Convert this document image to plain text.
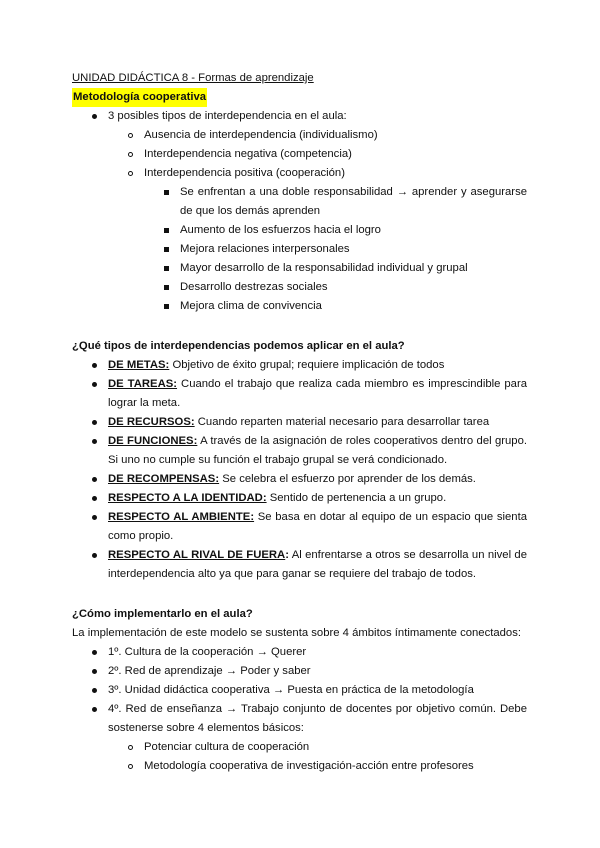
UNIDAD DIDÁCTICA 8 - Formas de aprendizaje
Metodología cooperativa
3 posibles tipos de interdependencia en el aula:
Ausencia de interdependencia (individualismo)
Interdependencia negativa (competencia)
Interdependencia positiva (cooperación)
Se enfrentan a una doble responsabilidad → aprender y asegurarse
de que los demás aprenden
Aumento de los esfuerzos hacia el logro
Mejora relaciones interpersonales
Mayor desarrollo de la responsabilidad individual y grupal
Desarrollo destrezas sociales
Mejora clima de convivencia
¿Qué tipos de interdependencias podemos aplicar en el aula?
DE METAS: Objetivo de éxito grupal; requiere implicación de todos
DE TAREAS: Cuando el trabajo que realiza cada miembro es imprescindible para
lograr la meta.
DE RECURSOS: Cuando reparten material necesario para desarrollar tarea
DE FUNCIONES: A través de la asignación de roles cooperativos dentro del grupo.
Si uno no cumple su función el trabajo grupal se verá condicionado.
DE RECOMPENSAS: Se celebra el esfuerzo por aprender de los demás.
RESPECTO A LA IDENTIDAD: Sentido de pertenencia a un grupo.
RESPECTO AL AMBIENTE: Se basa en dotar al equipo de un espacio que sienta
como propio.
RESPECTO AL RIVAL DE FUERA: Al enfrentarse a otros se desarrolla un nivel de
interdependencia alto ya que para ganar se requiere del trabajo de todos.
¿Cómo implementarlo en el aula?
La implementación de este modelo se sustenta sobre 4 ámbitos íntimamente conectados:
1º. Cultura de la cooperación → Querer
2º. Red de aprendizaje → Poder y saber
3º. Unidad didáctica cooperativa → Puesta en práctica de la metodología
4º. Red de enseñanza → Trabajo conjunto de docentes por objetivo común. Debe
sostenerse sobre 4 elementos básicos:
Potenciar cultura de cooperación
Metodología cooperativa de investigación-acción entre profesores
